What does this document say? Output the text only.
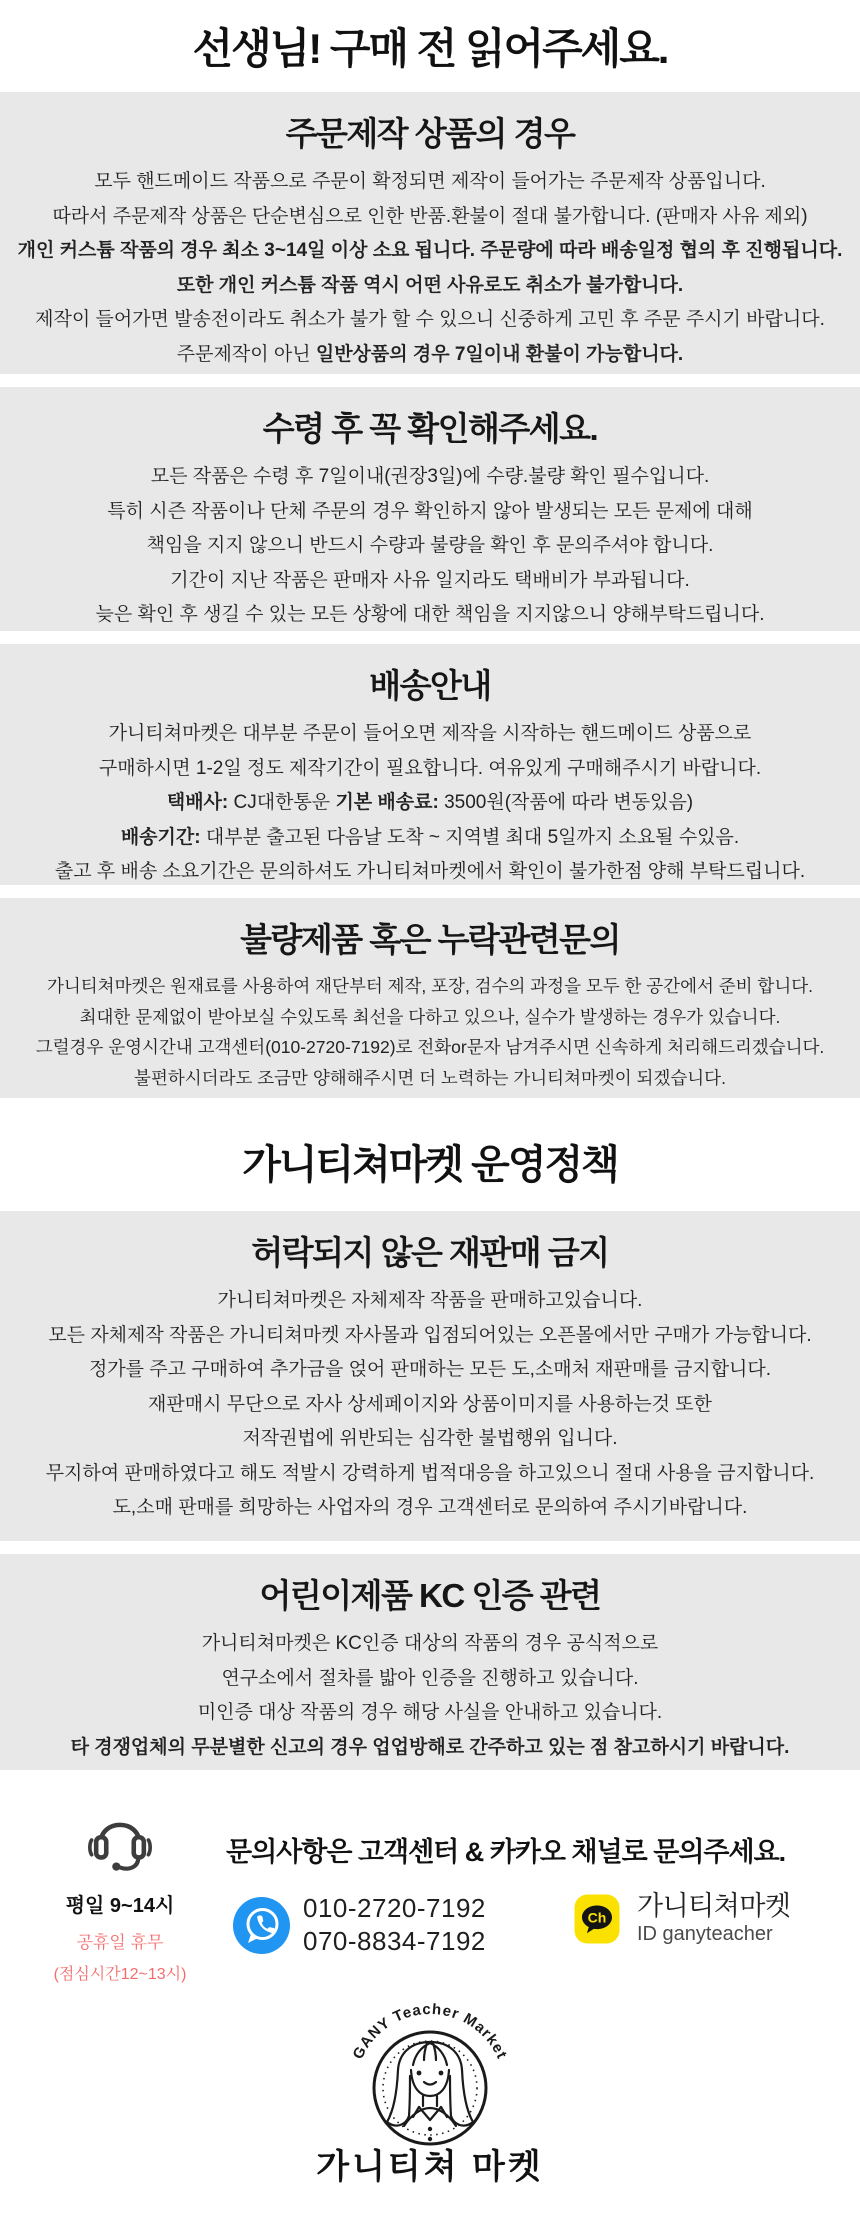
선생님! 구매 전 읽어주세요.
주문제작 상품의 경우

모두 핸드메이드 작품으로 주문이 확정되면 제작이 들어가는 주문제작 상품입니다.

따라서 주문제작 상품은 단순변심으로 인한 반품.환불이 절대 불가합니다. (판매자 사유 제외)

개인 커스튬 작품의 경우 최소 3~14일 이상 소요 됩니다. 주문량에 따라 배송일정 협의 후 진행됩니다.

또한 개인 커스튬 작품 역시 어떤 사유로도 취소가 불가합니다.

제작이 들어가면 발송전이라도 취소가 불가 할 수 있으니 신중하게 고민 후 주문 주시기 바랍니다.

주문제작이 아닌 일반상품의 경우 7일이내 환불이 가능합니다.

수령 후 꼭 확인해주세요.

모든 작품은 수령 후 7일이내(권장3일)에 수량.불량 확인 필수입니다.

특히 시즌 작품이나 단체 주문의 경우 확인하지 않아 발생되는 모든 문제에 대해

책임을 지지 않으니 반드시 수량과 불량을 확인 후 문의주셔야 합니다.

기간이 지난 작품은 판매자 사유 일지라도 택배비가 부과됩니다.

늦은 확인 후 생길 수 있는 모든 상황에 대한 책임을 지지않으니 양해부탁드립니다.

배송안내

가니티쳐마켓은 대부분 주문이 들어오면 제작을 시작하는 핸드메이드 상품으로

구매하시면 1-2일 정도 제작기간이 필요합니다. 여유있게 구매해주시기 바랍니다.

택배사: CJ대한통운 기본 배송료: 3500원(작품에 따라 변동있음)

배송기간: 대부분 출고된 다음날 도착 ~ 지역별 최대 5일까지 소요될 수있음.

출고 후 배송 소요기간은 문의하셔도 가니티쳐마켓에서 확인이 불가한점 양해 부탁드립니다.

불량제품 혹은 누락관련문의

가니티쳐마켓은 원재료를 사용하여 재단부터 제작, 포장, 검수의 과정을 모두 한 공간에서 준비 합니다.

최대한 문제없이 받아보실 수있도록 최선을 다하고 있으나, 실수가 발생하는 경우가 있습니다.

그럴경우 운영시간내 고객센터(010-2720-7192)로 전화or문자 남겨주시면 신속하게 처리해드리겠습니다.

불편하시더라도 조금만 양해해주시면 더 노력하는 가니티쳐마켓이 되겠습니다.

가니티쳐마켓 운영정책
허락되지 않은 재판매 금지

가니티쳐마켓은 자체제작 작품을 판매하고있습니다.

모든 자체제작 작품은 가니티쳐마켓 자사몰과 입점되어있는 오픈몰에서만 구매가 가능합니다.

정가를 주고 구매하여 추가금을 얹어 판매하는 모든 도,소매처 재판매를 금지합니다.

재판매시 무단으로 자사 상세페이지와 상품이미지를 사용하는것 또한

저작권법에 위반되는 심각한 불법행위 입니다.

무지하여 판매하였다고 해도 적발시 강력하게 법적대응을 하고있으니 절대 사용을 금지합니다.

도,소매 판매를 희망하는 사업자의 경우 고객센터로 문의하여 주시기바랍니다.

어린이제품 KC 인증 관련

가니티쳐마켓은 KC인증 대상의 작품의 경우 공식적으로

연구소에서 절차를 밟아 인증을 진행하고 있습니다.

미인증 대상 작품의 경우 해당 사실을 안내하고 있습니다.

타 경쟁업체의 무분별한 신고의 경우 업업방해로 간주하고 있는 점 참고하시기 바랍니다.

문의사항은 고객센터 & 카카오 채널로 문의주세요.

평일 9~14시

공휴일 휴무

(점심시간12~13시)

010-2720-7192

070-8834-7192

Ch 가니티쳐마켓

ID ganyteacher

GANY Teacher Market

가니티쳐 마켓
